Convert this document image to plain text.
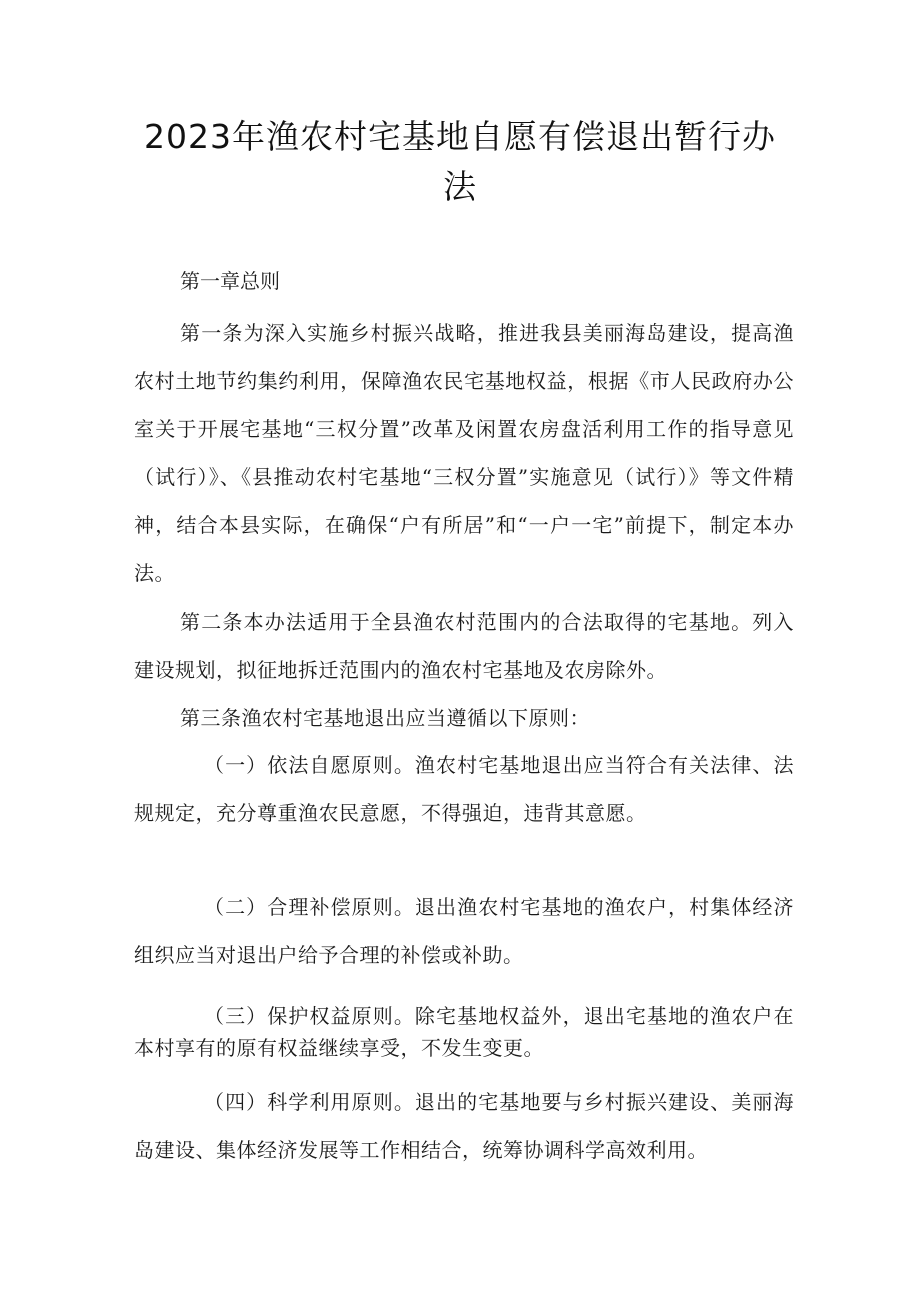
2023年渔农村宅基地自愿有偿退出暂行办法

第一章总则

第一条为深入实施乡村振兴战略，推进我县美丽海岛建设，提高渔农村土地节约集约利用，保障渔农民宅基地权益，根据《市人民政府办公室关于开展宅基地“三权分置”改革及闲置农房盘活利用工作的指导意见（试行）》、《县推动农村宅基地“三权分置”实施意见（试行）》等文件精神，结合本县实际，在确保“户有所居”和“一户一宅”前提下，制定本办法。

第二条本办法适用于全县渔农村范围内的合法取得的宅基地。列入建设规划，拟征地拆迁范围内的渔农村宅基地及农房除外。

第三条渔农村宅基地退出应当遵循以下原则：

（一）依法自愿原则。渔农村宅基地退出应当符合有关法律、法规规定，充分尊重渔农民意愿，不得强迫，违背其意愿。

（二）合理补偿原则。退出渔农村宅基地的渔农户，村集体经济组织应当对退出户给予合理的补偿或补助。

（三）保护权益原则。除宅基地权益外，退出宅基地的渔农户在本村享有的原有权益继续享受，不发生变更。

（四）科学利用原则。退出的宅基地要与乡村振兴建设、美丽海岛建设、集体经济发展等工作相结合，统筹协调科学高效利用。
